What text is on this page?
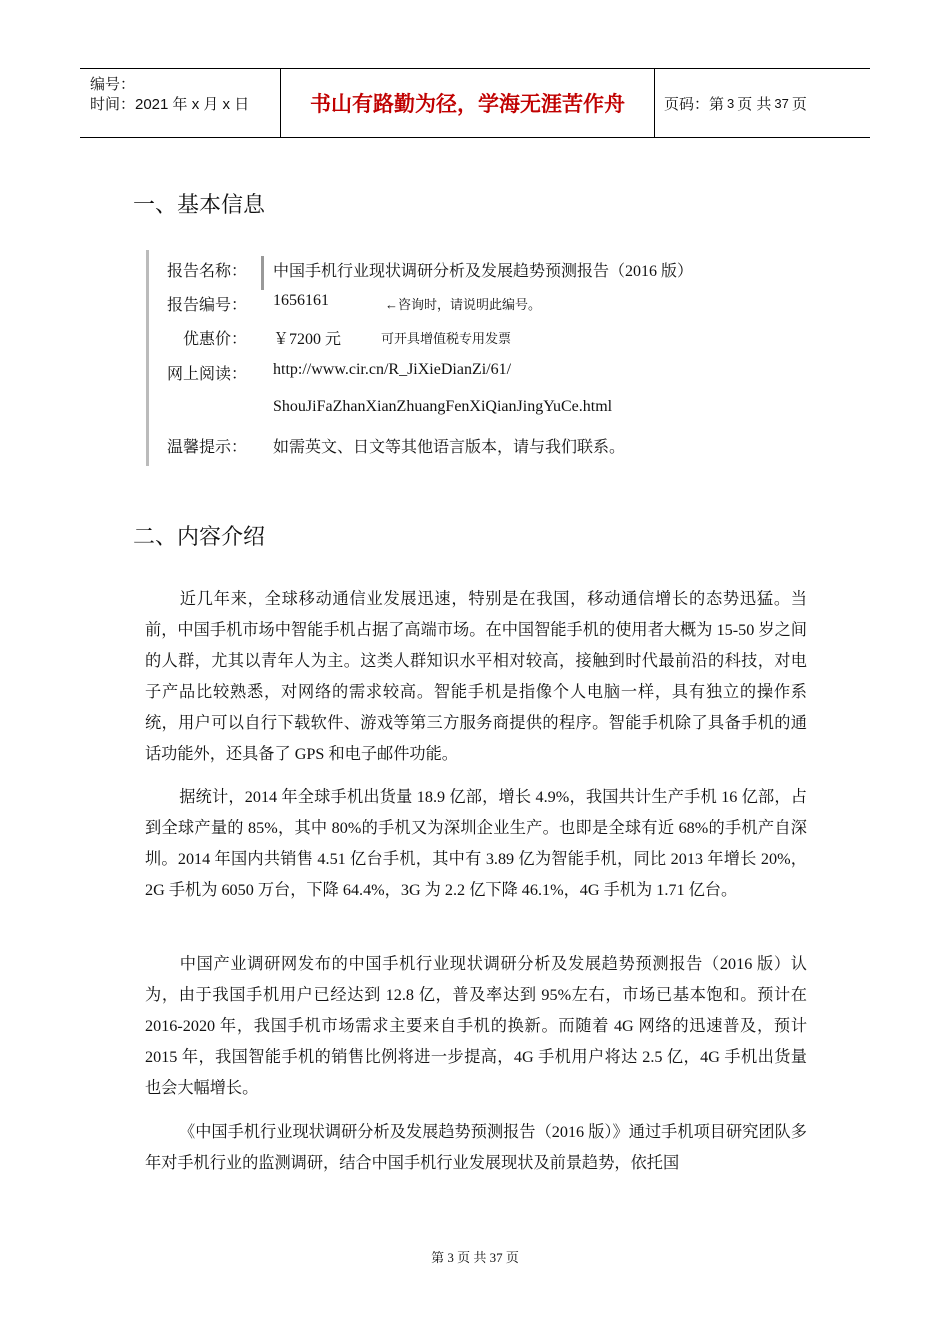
编号：
时间：2021 年 x 月 x 日	书山有路勤为径，学海无涯苦作舟	页码：第 3 页 共 37 页
一、基本信息
报告名称： 中国手机行业现状调研分析及发展趋势预测报告（2016 版）
报告编号： 1656161	←咨询时，请说明此编号。
优惠价： ￥7200 元	可开具增值税专用发票
网上阅读： http://www.cir.cn/R_JiXieDianZi/61/
ShouJiFaZhanXianZhuangFenXiQianJingYuCe.html
温馨提示： 如需英文、日文等其他语言版本，请与我们联系。
二、内容介绍

近几年来，全球移动通信业发展迅速，特别是在我国，移动通信增长的态势迅猛。当前，中国手机市场中智能手机占据了高端市场。在中国智能手机的使用者大概为 15-50 岁之间的人群，尤其以青年人为主。这类人群知识水平相对较高，接触到时代最前沿的科技，对电子产品比较熟悉，对网络的需求较高。智能手机是指像个人电脑一样，具有独立的操作系统，用户可以自行下载软件、游戏等第三方服务商提供的程序。智能手机除了具备手机的通话功能外，还具备了 GPS 和电子邮件功能。

据统计，2014 年全球手机出货量 18.9 亿部，增长 4.9%，我国共计生产手机 16 亿部，占到全球产量的 85%，其中 80%的手机又为深圳企业生产。也即是全球有近 68%的手机产自深圳。2014 年国内共销售 4.51 亿台手机，其中有 3.89 亿为智能手机，同比 2013 年增长 20%，2G 手机为 6050 万台，下降 64.4%，3G 为 2.2 亿下降 46.1%，4G 手机为 1.71 亿台。

中国产业调研网发布的中国手机行业现状调研分析及发展趋势预测报告（2016 版）认为，由于我国手机用户已经达到 12.8 亿，普及率达到 95%左右，市场已基本饱和。预计在 2016-2020 年，我国手机市场需求主要来自手机的换新。而随着 4G 网络的迅速普及，预计 2015 年，我国智能手机的销售比例将进一步提高，4G 手机用户将达 2.5 亿，4G 手机出货量也会大幅增长。

《中国手机行业现状调研分析及发展趋势预测报告（2016 版）》通过手机项目研究团队多年对手机行业的监测调研，结合中国手机行业发展现状及前景趋势，依托国

第 3 页 共 37 页
